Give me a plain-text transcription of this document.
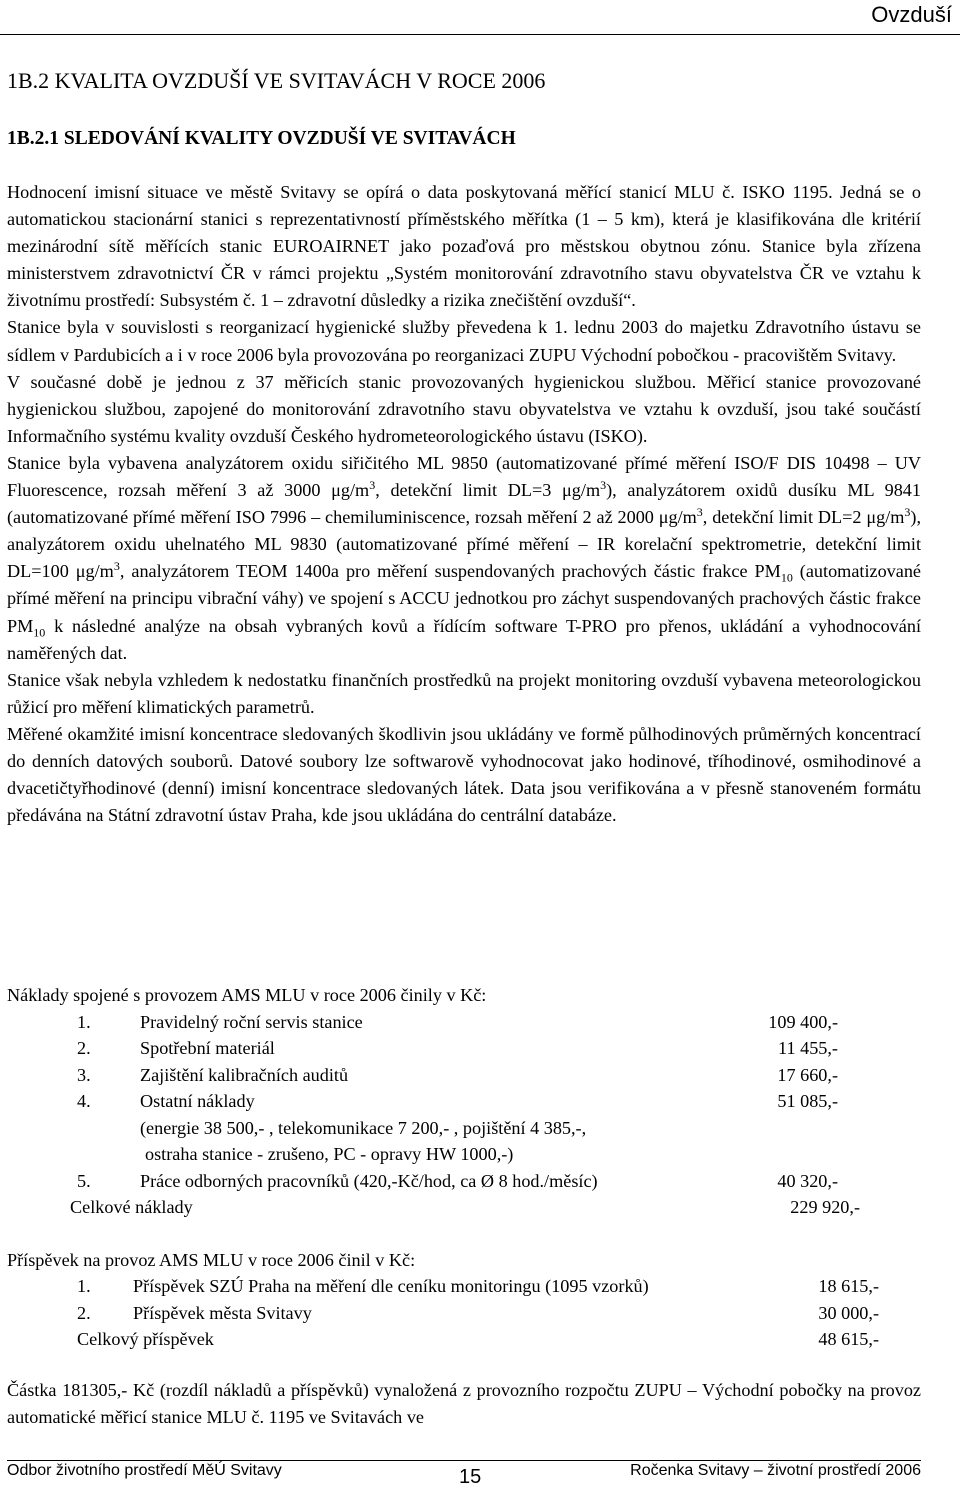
Ovzduší
1B.2 KVALITA OVZDUŠÍ VE SVITAVÁCH V ROCE 2006
1B.2.1 SLEDOVÁNÍ KVALITY OVZDUŠÍ VE SVITAVÁCH

Hodnocení imisní situace ve městě Svitavy se opírá o data poskytovaná měřící stanicí MLU č. ISKO 1195. Jedná se o automatickou stacionární stanici s reprezentativností příměstského měřítka (1 – 5 km), která je klasifikována dle kritérií mezinárodní sítě měřících stanic EUROAIRNET jako pozaďová pro městskou obytnou zónu. Stanice byla zřízena ministerstvem zdravotnictví ČR v rámci projektu „Systém monitorování zdravotního stavu obyvatelstva ČR ve vztahu k životnímu prostředí: Subsystém č. 1 – zdravotní důsledky a rizika znečištění ovzduší“.

Stanice byla v souvislosti s reorganizací hygienické služby převedena k 1. lednu 2003 do majetku Zdravotního ústavu se sídlem v Pardubicích a i v roce 2006 byla provozována po reorganizaci ZUPU Východní pobočkou - pracovištěm Svitavy.

V současné době je jednou z 37 měřicích stanic provozovaných hygienickou službou. Měřicí stanice provozované hygienickou službou, zapojené do monitorování zdravotního stavu obyvatelstva ve vztahu k ovzduší, jsou také součástí Informačního systému kvality ovzduší Českého hydrometeorologického ústavu (ISKO).

Stanice byla vybavena analyzátorem oxidu siřičitého ML 9850 (automatizované přímé měření ISO/F DIS 10498 – UV Fluorescence, rozsah měření 3 až 3000 $\mu g/m^3$, detekční limit DL=3 $\mu g/m^3$), analyzátorem oxidů dusíku ML 9841 (automatizované přímé měření ISO 7996 – chemiluminiscence, rozsah měření 2 až 2000 $\mu g/m^3$, detekční limit DL=2 $\mu g/m^3$), analyzátorem oxidu uhelnatého ML 9830 (automatizované přímé měření – IR korelační spektrometrie, detekční limit DL=100 $\mu g/m^3$, analyzátorem TEOM 1400a pro měření suspendovaných prachových částic frakce $PM_{10}$ (automatizované přímé měření na principu vibrační váhy) ve spojení s ACCU jednotkou pro záchyt suspendovaných prachových částic frakce $PM_{10}$ k následné analýze na obsah vybraných kovů a řídícím software T-PRO pro přenos, ukládání a vyhodnocování naměřených dat.

Stanice však nebyla vzhledem k nedostatku finančních prostředků na projekt monitoring ovzduší vybavena meteorologickou růžicí pro měření klimatických parametrů.

Měřené okamžité imisní koncentrace sledovaných škodlivin jsou ukládány ve formě půlhodinových průměrných koncentrací do denních datových souborů. Datové soubory lze softwarově vyhodnocovat jako hodinové, tříhodinové, osmihodinové a dvacetičtyřhodinové (denní) imisní koncentrace sledovaných látek. Data jsou verifikována a v přesně stanoveném formátu předávána na Státní zdravotní ústav Praha, kde jsou ukládána do centrální databáze.

Náklady spojené s provozem AMS MLU v roce 2006 činily v Kč:
1.	Pravidelný roční servis stanice	109 400,-
2.	Spotřební materiál	11 455,-
3.	Zajištění kalibračních auditů	17 660,-
4.	Ostatní náklady	51 085,-
(energie 38 500,- , telekomunikace 7 200,- , pojištění 4 385,-,
ostraha stanice - zrušeno, PC - opravy HW 1000,-)
5.	Práce odborných pracovníků (420,-Kč/hod, ca Ø 8 hod./měsíc)	40 320,-
Celkové náklady	229 920,-
Příspěvek na provoz AMS MLU v roce 2006 činil v Kč:
1. Příspěvek SZÚ Praha na měření dle ceníku monitoringu (1095 vzorků)	18 615,-
2. Příspěvek města Svitavy	30 000,-
Celkový příspěvek	48 615,-

Částka 181305,- Kč (rozdíl nákladů a příspěvků) vynaložená z provozního rozpočtu ZUPU – Východní pobočky na provoz automatické měřicí stanice MLU č. 1195 ve Svitavách ve

Odbor životního prostředí MěÚ Svitavy	15	Ročenka Svitavy – životní prostředí 2006
